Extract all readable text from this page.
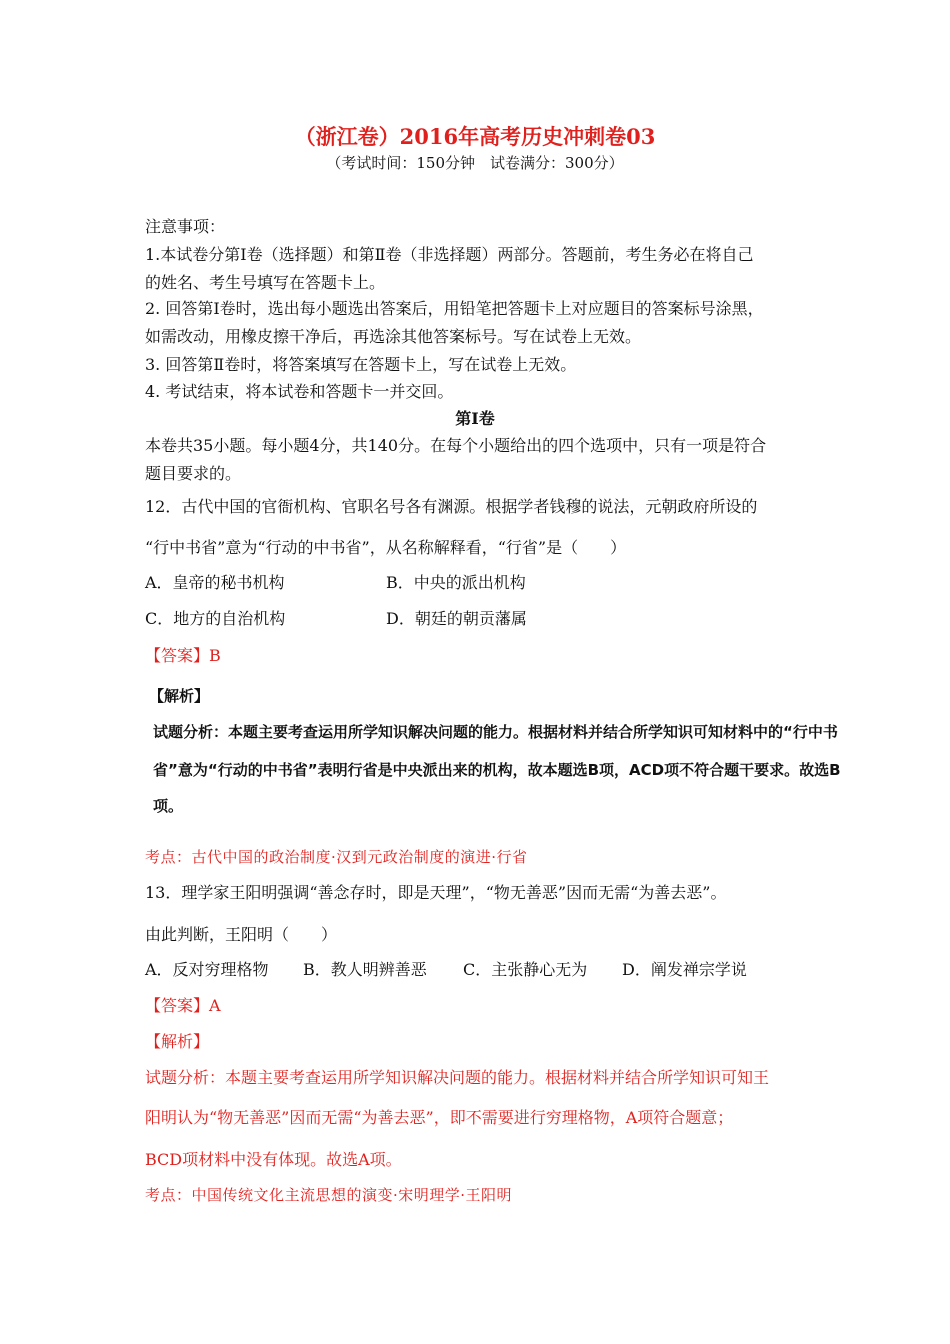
（浙江卷）2016年高考历史冲刺卷03
（考试时间：150分钟　试卷满分：300分）
注意事项：
1.本试卷分第Ⅰ卷（选择题）和第Ⅱ卷（非选择题）两部分。答题前，考生务必在将自己
的姓名、考生号填写在答题卡上。
2. 回答第Ⅰ卷时，选出每小题选出答案后，用铅笔把答题卡上对应题目的答案标号涂黑，
如需改动，用橡皮擦干净后，再选涂其他答案标号。写在试卷上无效。
3. 回答第Ⅱ卷时，将答案填写在答题卡上，写在试卷上无效。
4. 考试结束，将本试卷和答题卡一并交回。
第Ⅰ卷
本卷共35小题。每小题4分，共140分。在每个小题给出的四个选项中，只有一项是符合
题目要求的。
12．古代中国的官衙机构、官职名号各有渊源。根据学者钱穆的说法，元朝政府所设的
“行中书省”意为“行动的中书省”，从名称解释看，“行省”是（　　）
A．皇帝的秘书机构	B．中央的派出机构
C．地方的自治机构	D．朝廷的朝贡藩属
【答案】B
【解析】
试题分析：本题主要考查运用所学知识解决问题的能力。根据材料并结合所学知识可知材料中的“行中书
省”意为“行动的中书省”表明行省是中央派出来的机构，故本题选B项，ACD项不符合题干要求。故选B
项。
考点：古代中国的政治制度·汉到元政治制度的演进·行省
13．理学家王阳明强调“善念存时，即是天理”，“物无善恶”因而无需“为善去恶”。
由此判断，王阳明（　　）
A．反对穷理格物 B．教人明辨善恶 C．主张静心无为 D．阐发禅宗学说
【答案】A
【解析】
试题分析：本题主要考查运用所学知识解决问题的能力。根据材料并结合所学知识可知王
阳明认为“物无善恶”因而无需“为善去恶”，即不需要进行穷理格物，A项符合题意；
BCD项材料中没有体现。故选A项。
考点：中国传统文化主流思想的演变·宋明理学·王阳明
